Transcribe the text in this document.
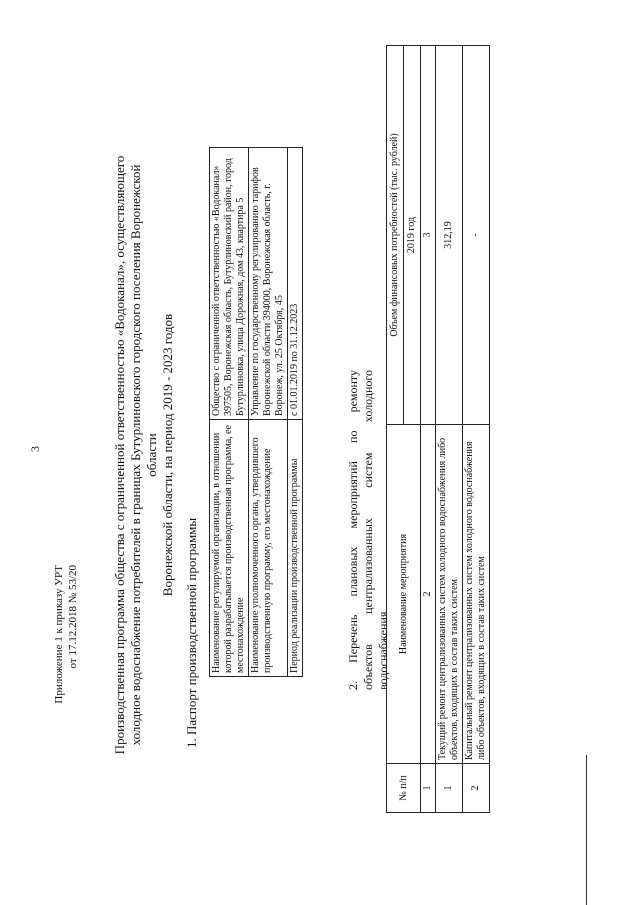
3
Приложение 1 к приказу УРТ от 17.12.2018 № 53/20	Производственная программа общества с ограниченной ответственностью «Водоканал», осуществляющего холодное водоснабжение потребителей в границах Бутурлиновского городского поселения Воронежской области Воронежской области, на период 2019 - 2023 годов
1. Паспорт производственной программы Наименование регулируемой организации, в отношении которой разрабатывается производственная программа, ее местонахождение	Общество с ограниченной ответственностью «Водоканал» 397505, Воронежская область, Бутурлиновский район, город Бутурлиновка, улица Дорожная, дом 43, квартира 5
Наименование уполномоченного органа, утвердившего производственную программу, его местонахождение	Управление по государственному регулированию тарифов Воронежской области 394000, Воронежская область, г. Воронеж, ул. 25 Октября, 45
Период реализации производственной программы	с 01.01.2019 по 31.12.2023
2. Перечень плановых мероприятий по ремонту объектов централизованных систем холодного водоснабжения
№ п/п	Наименование мероприятия	Объем финансовых потребностей (тыс. рублей)
		2019 год
1	2	3
1	Текущий ремонт централизованных систем холодного водоснабжения либо объектов, входящих в состав таких систем	312,19
2	Капитальный ремонт централизованных систем холодного водоснабжения либо объектов, входящих в состав таких систем	-
